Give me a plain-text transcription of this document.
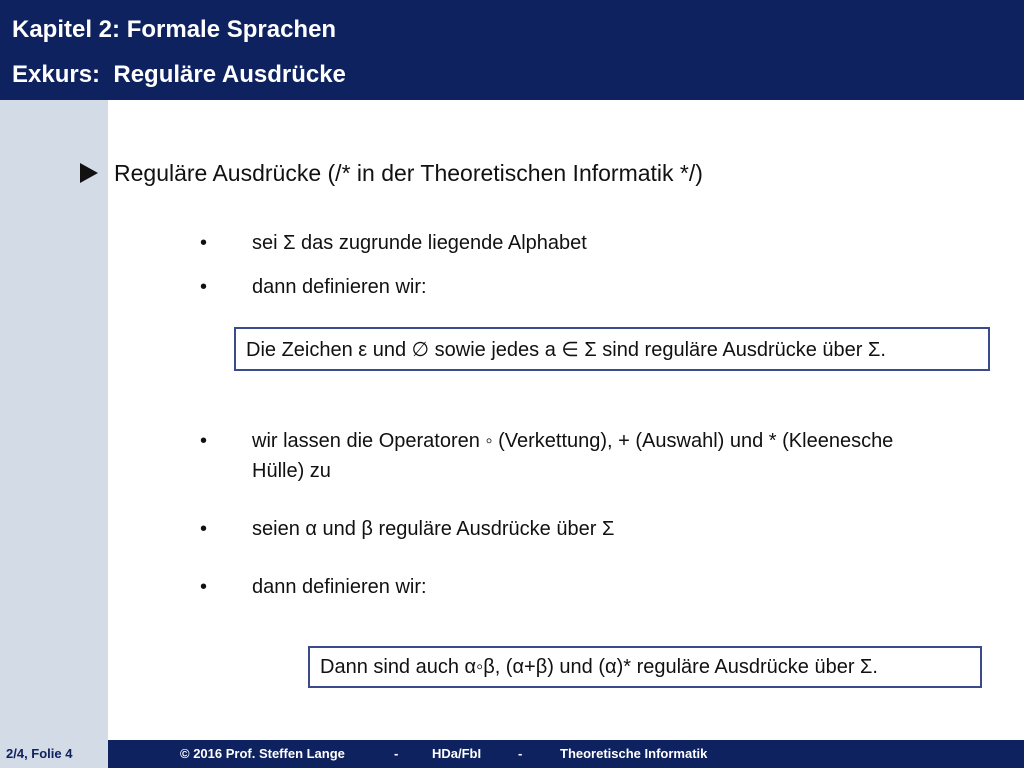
Kapitel 2: Formale Sprachen
Exkurs:  Reguläre Ausdrücke
Reguläre Ausdrücke (/* in der Theoretischen Informatik */)

•

sei Σ das zugrunde liegende Alphabet

•

dann definieren wir:

Die Zeichen ε und ∅ sowie jedes a ∈ Σ sind reguläre Ausdrücke über Σ.

•

wir lassen die Operatoren ◦ (Verkettung), + (Auswahl) und * (Kleenesche

Hülle) zu

•

seien α und β reguläre Ausdrücke über Σ

•

dann definieren wir:

Dann sind auch α◦β, (α+β) und (α)* reguläre Ausdrücke über Σ.

2/4, Folie 4	© 2016 Prof. Steffen Lange	-	HDa/FbI	-	Theoretische Informatik
